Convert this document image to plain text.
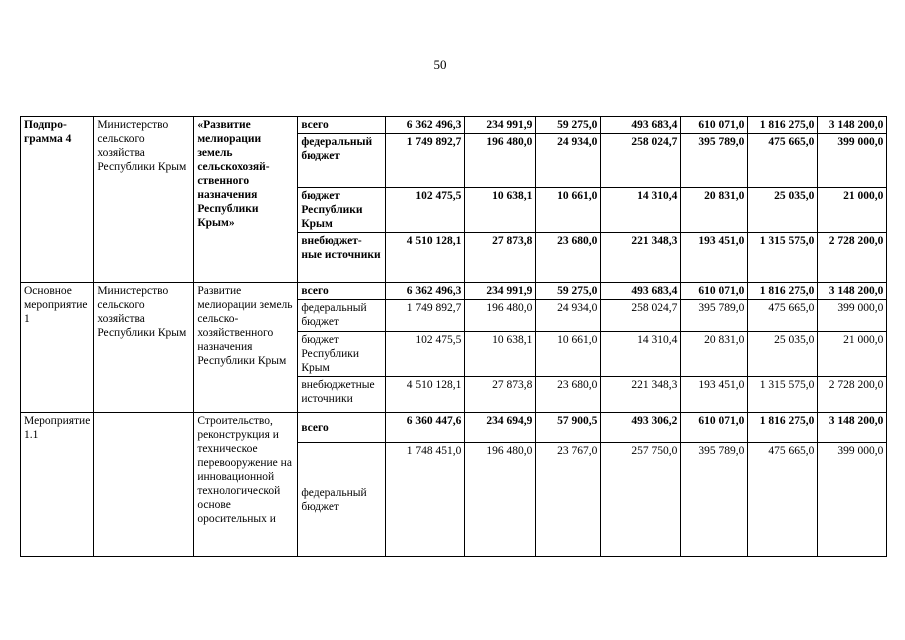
50
Подпро-грамма 4	Министерство сельского хозяйства Республики Крым	«Развитие мелиорации земель сельскохозяй-ственного назначения Республики Крым»	всего	6 362 496,3	234 991,9	59 275,0	493 683,4	610 071,0	1 816 275,0	3 148 200,0
			федеральный бюджет	1 749 892,7	196 480,0	24 934,0	258 024,7	395 789,0	475 665,0	399 000,0
			бюджет Республики Крым	102 475,5	10 638,1	10 661,0	14 310,4	20 831,0	25 035,0	21 000,0
			внебюджет-ные источники	4 510 128,1	27 873,8	23 680,0	221 348,3	193 451,0	1 315 575,0	2 728 200,0
Основное мероприятие 1	Министерство сельского хозяйства Республики Крым	Развитие мелиорации земель сельско-хозяйственного назначения Республики Крым	всего	6 362 496,3	234 991,9	59 275,0	493 683,4	610 071,0	1 816 275,0	3 148 200,0
			федеральный бюджет	1 749 892,7	196 480,0	24 934,0	258 024,7	395 789,0	475 665,0	399 000,0
			бюджет Республики Крым	102 475,5	10 638,1	10 661,0	14 310,4	20 831,0	25 035,0	21 000,0
			внебюджетные источники	4 510 128,1	27 873,8	23 680,0	221 348,3	193 451,0	1 315 575,0	2 728 200,0
Мероприятие 1.1		Строительство, реконструкция и техническое перевооружение на инновационной технологической основе оросительных и	всего	6 360 447,6	234 694,9	57 900,5	493 306,2	610 071,0	1 816 275,0	3 148 200,0
			федеральный бюджет	1 748 451,0	196 480,0	23 767,0	257 750,0	395 789,0	475 665,0	399 000,0
